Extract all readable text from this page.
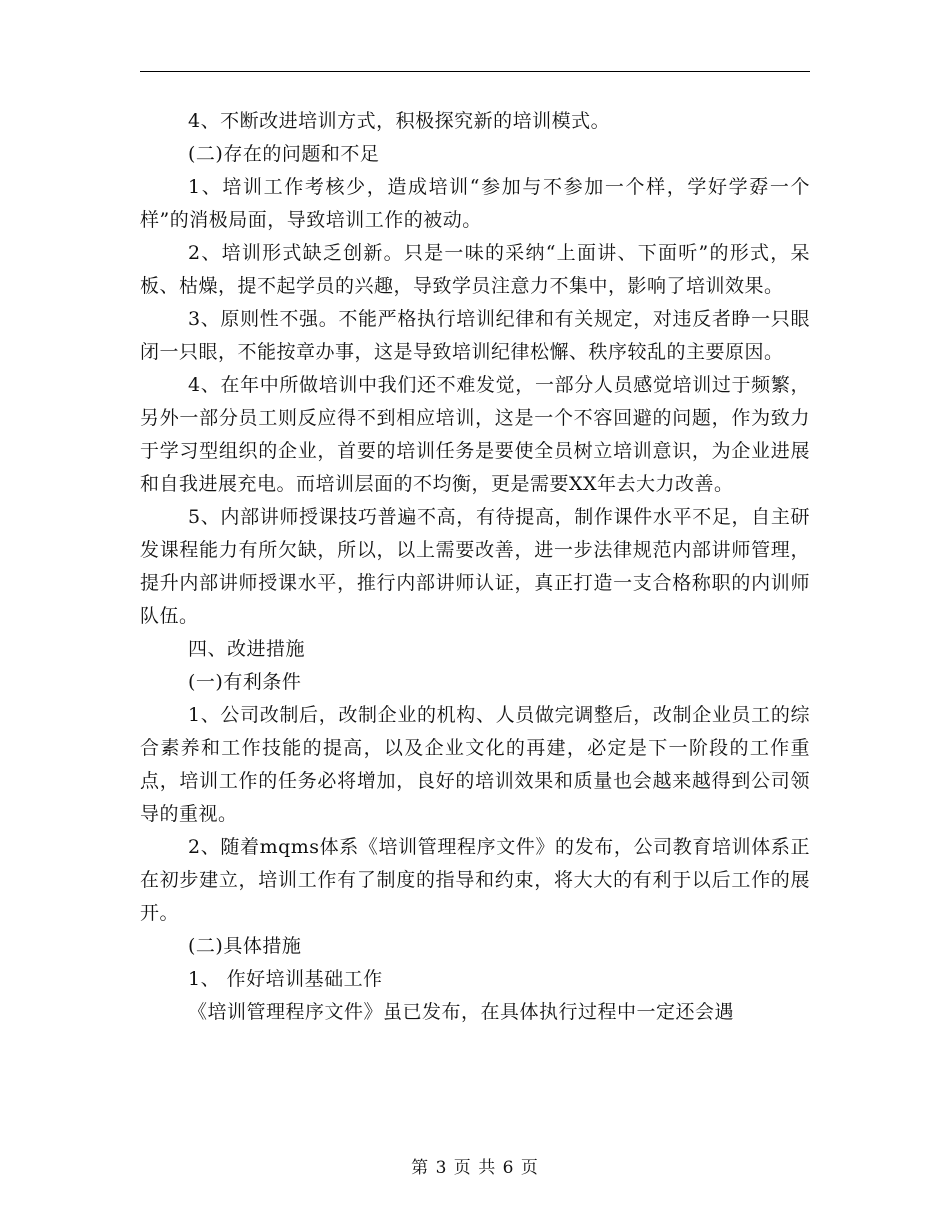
4、不断改进培训方式，积极探究新的培训模式。

(二)存在的问题和不足

1、培训工作考核少，造成培训“参加与不参加一个样，学好学孬一个样”的消极局面，导致培训工作的被动。

2、培训形式缺乏创新。只是一味的采纳“上面讲、下面听”的形式，呆板、枯燥，提不起学员的兴趣，导致学员注意力不集中，影响了培训效果。

3、原则性不强。不能严格执行培训纪律和有关规定，对违反者睁一只眼闭一只眼，不能按章办事，这是导致培训纪律松懈、秩序较乱的主要原因。

4、在年中所做培训中我们还不难发觉，一部分人员感觉培训过于频繁，另外一部分员工则反应得不到相应培训，这是一个不容回避的问题，作为致力于学习型组织的企业，首要的培训任务是要使全员树立培训意识，为企业进展和自我进展充电。而培训层面的不均衡，更是需要XX年去大力改善。

5、内部讲师授课技巧普遍不高，有待提高，制作课件水平不足，自主研发课程能力有所欠缺，所以，以上需要改善，进一步法律规范内部讲师管理，提升内部讲师授课水平，推行内部讲师认证，真正打造一支合格称职的内训师队伍。

四、改进措施

(一)有利条件

1、公司改制后，改制企业的机构、人员做完调整后，改制企业员工的综合素养和工作技能的提高，以及企业文化的再建，必定是下一阶段的工作重点，培训工作的任务必将增加，良好的培训效果和质量也会越来越得到公司领导的重视。

2、随着mqms体系《培训管理程序文件》的发布，公司教育培训体系正在初步建立，培训工作有了制度的指导和约束，将大大的有利于以后工作的展开。

(二)具体措施

1、 作好培训基础工作

《培训管理程序文件》虽已发布，在具体执行过程中一定还会遇

第 3 页 共 6 页
